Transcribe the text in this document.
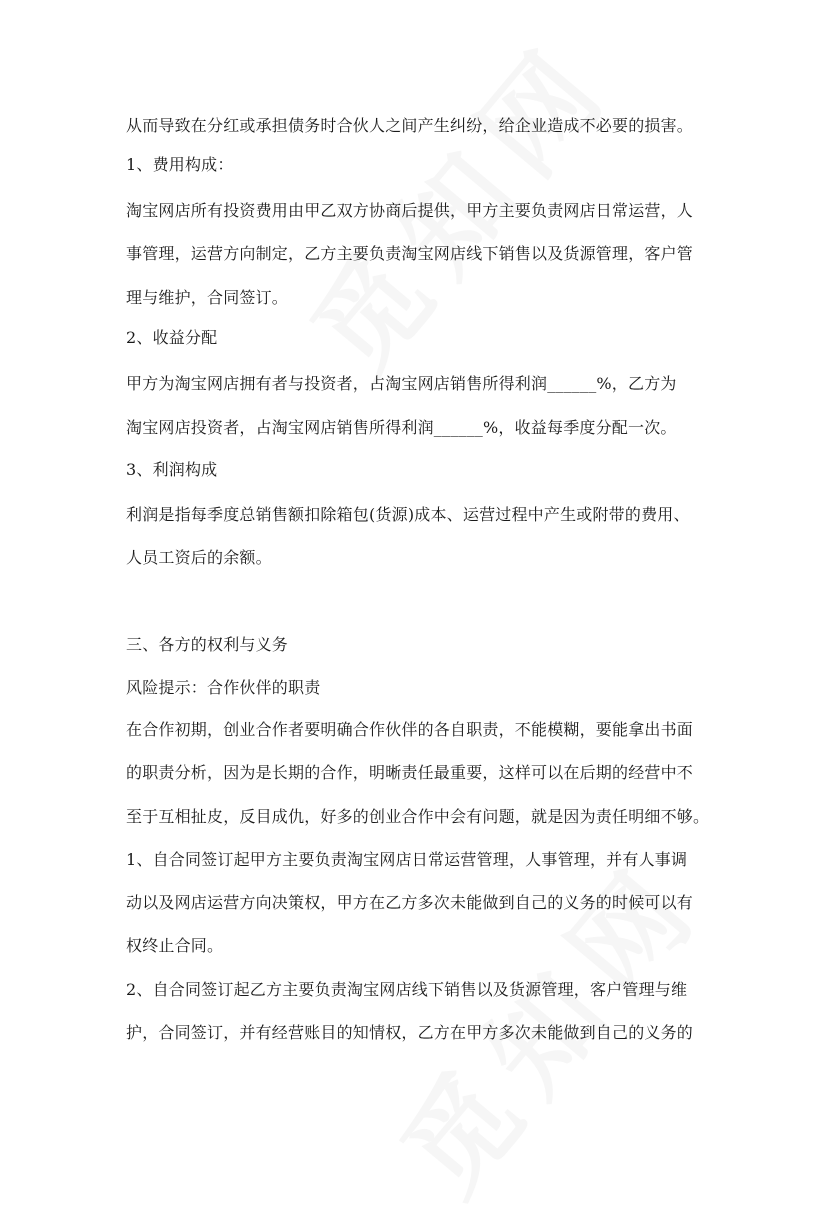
从而导致在分红或承担债务时合伙人之间产生纠纷，给企业造成不必要的损害。
1、费用构成：
淘宝网店所有投资费用由甲乙双方协商后提供，甲方主要负责网店日常运营，人
事管理，运营方向制定，乙方主要负责淘宝网店线下销售以及货源管理，客户管
理与维护，合同签订。
2、收益分配
甲方为淘宝网店拥有者与投资者，占淘宝网店销售所得利润______%，乙方为
淘宝网店投资者，占淘宝网店销售所得利润______%，收益每季度分配一次。
3、利润构成
利润是指每季度总销售额扣除箱包(货源)成本、运营过程中产生或附带的费用、
人员工资后的余额。
三、各方的权利与义务
风险提示：合作伙伴的职责
在合作初期，创业合作者要明确合作伙伴的各自职责，不能模糊，要能拿出书面
的职责分析，因为是长期的合作，明晰责任最重要，这样可以在后期的经营中不
至于互相扯皮，反目成仇，好多的创业合作中会有问题，就是因为责任明细不够。
1、自合同签订起甲方主要负责淘宝网店日常运营管理，人事管理，并有人事调
动以及网店运营方向决策权，甲方在乙方多次未能做到自己的义务的时候可以有
权终止合同。
2、自合同签订起乙方主要负责淘宝网店线下销售以及货源管理，客户管理与维
护，合同签订，并有经营账目的知情权，乙方在甲方多次未能做到自己的义务的
